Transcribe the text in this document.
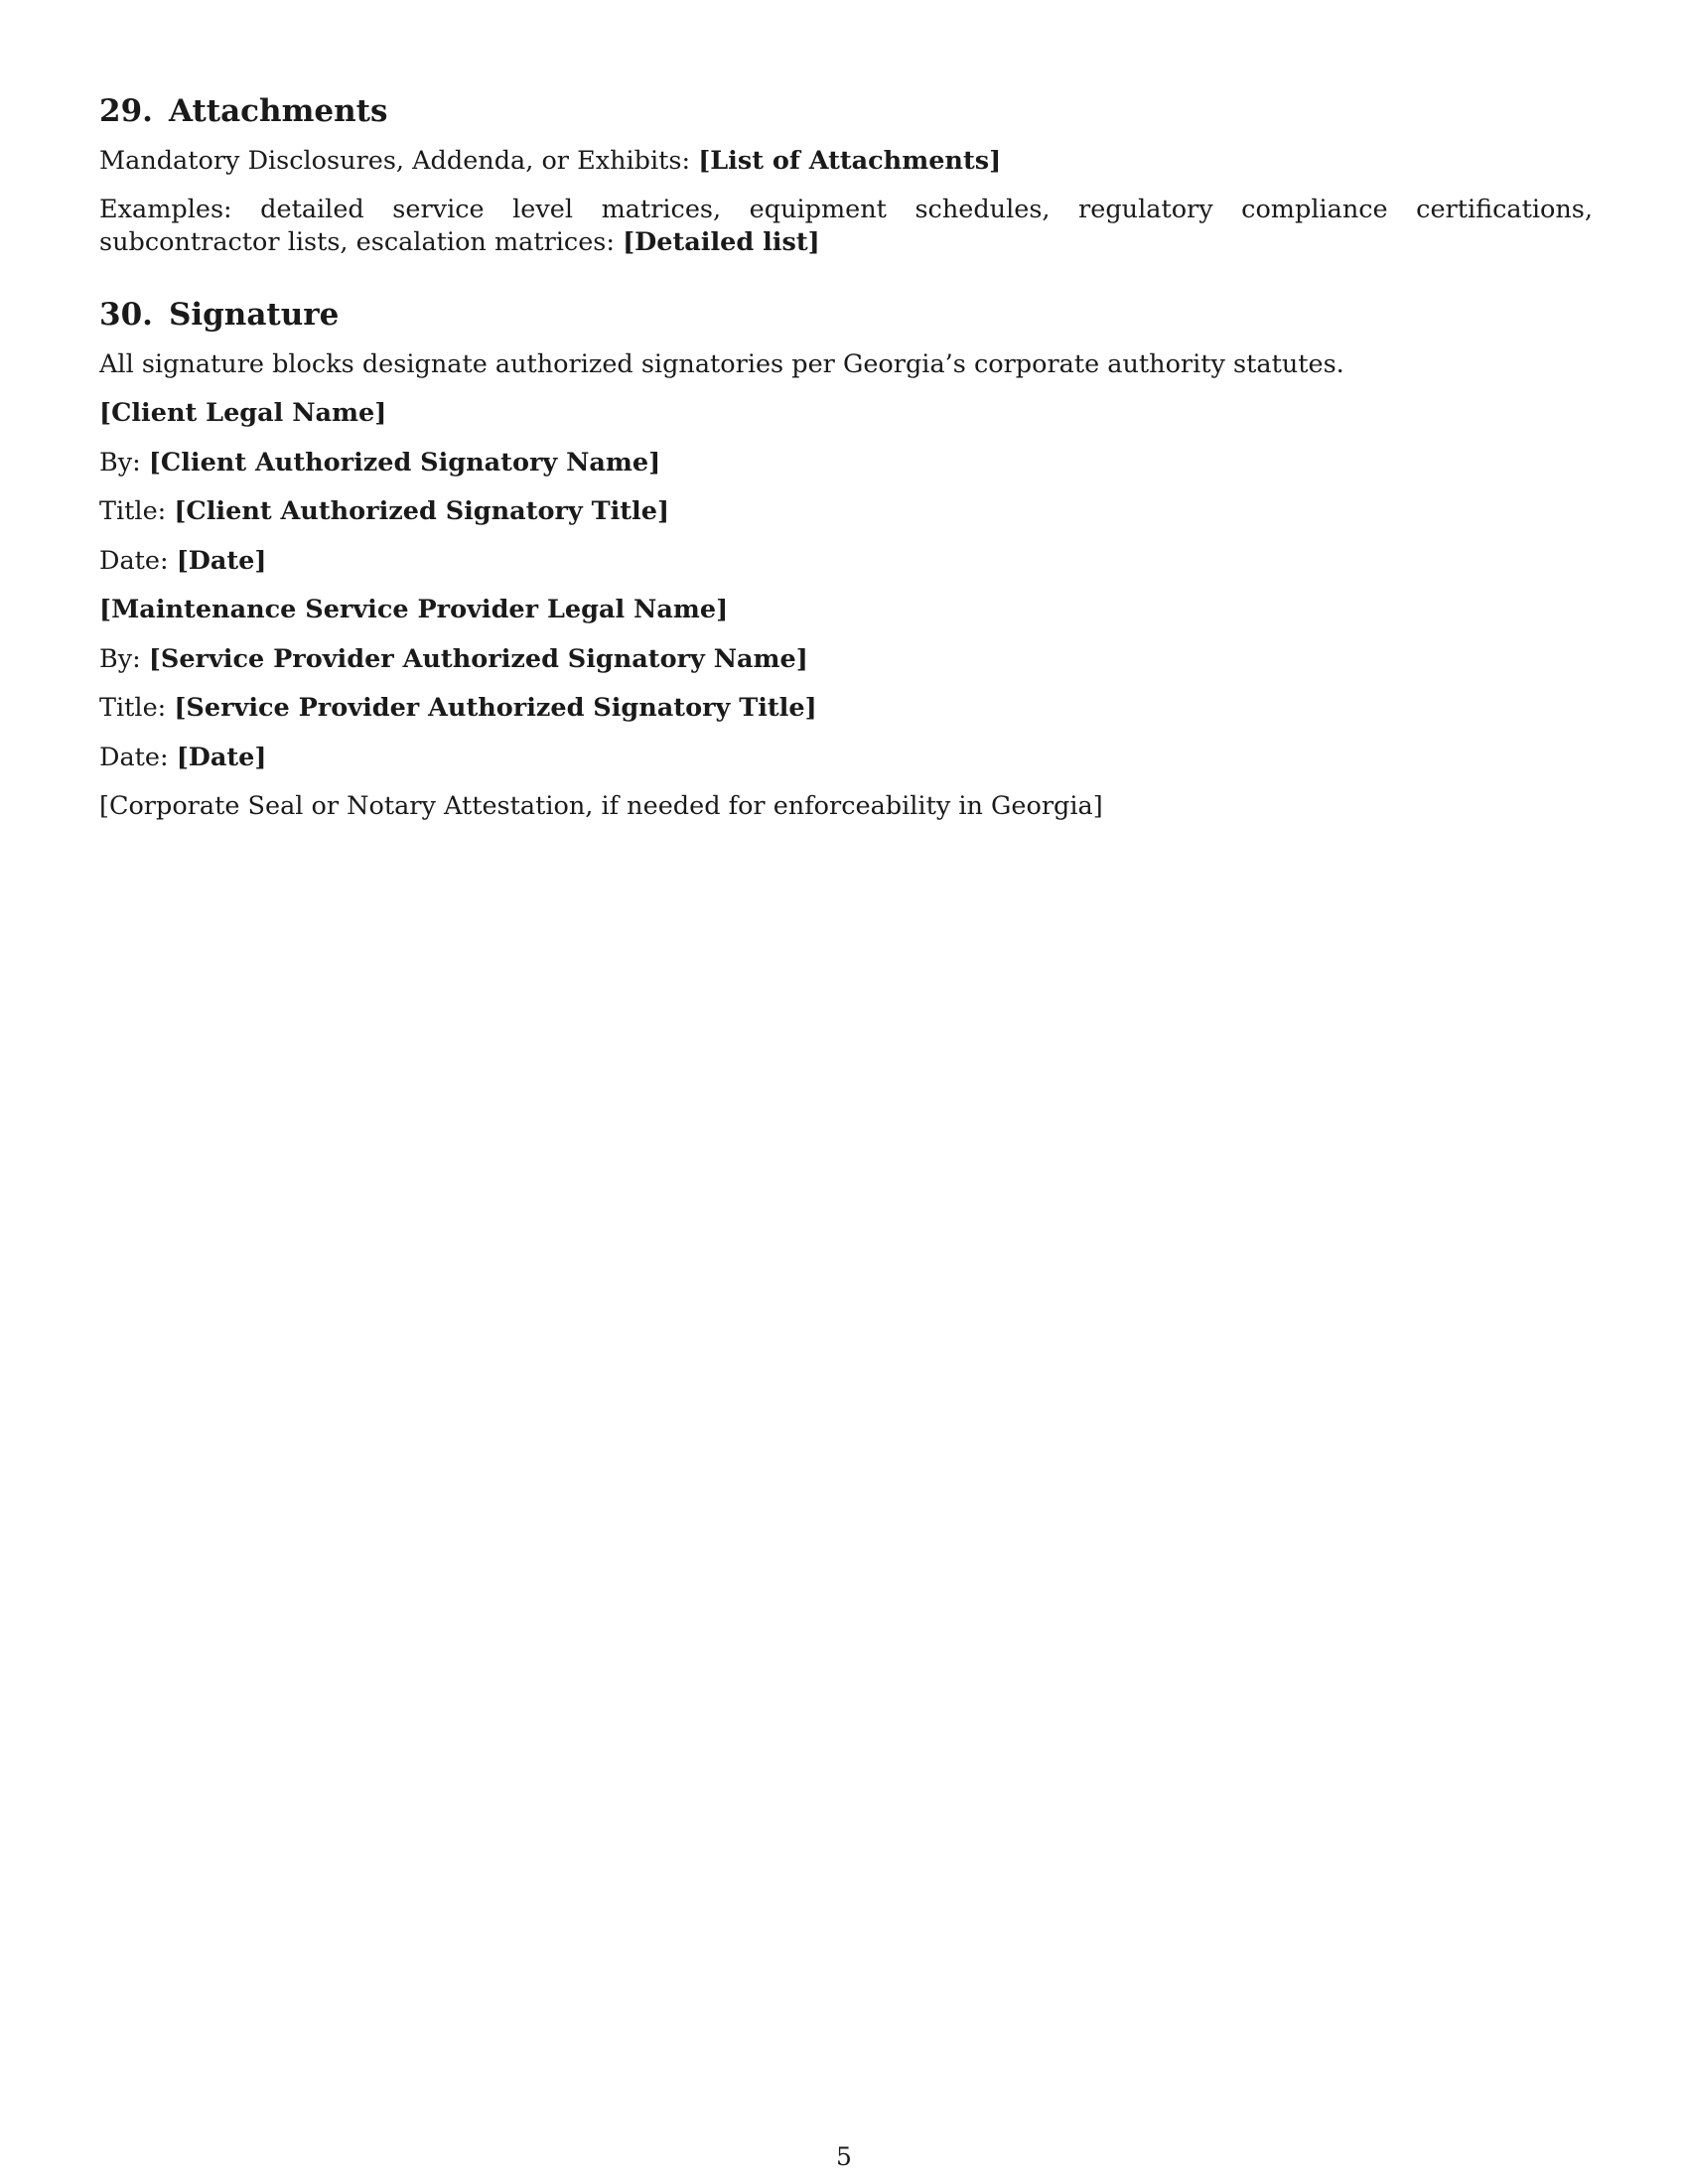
29. Attachments

Mandatory Disclosures, Addenda, or Exhibits: [List of Attachments]

Examples: detailed service level matrices, equipment schedules, regulatory compliance certifications, subcontractor lists, escalation matrices: [Detailed list]

30. Signature

All signature blocks designate authorized signatories per Georgia’s corporate authority statutes.

[Client Legal Name]
By: [Client Authorized Signatory Name]
Title: [Client Authorized Signatory Title]
Date: [Date]
[Maintenance Service Provider Legal Name]
By: [Service Provider Authorized Signatory Name]
Title: [Service Provider Authorized Signatory Title]
Date: [Date]
[Corporate Seal or Notary Attestation, if needed for enforceability in Georgia]
5
